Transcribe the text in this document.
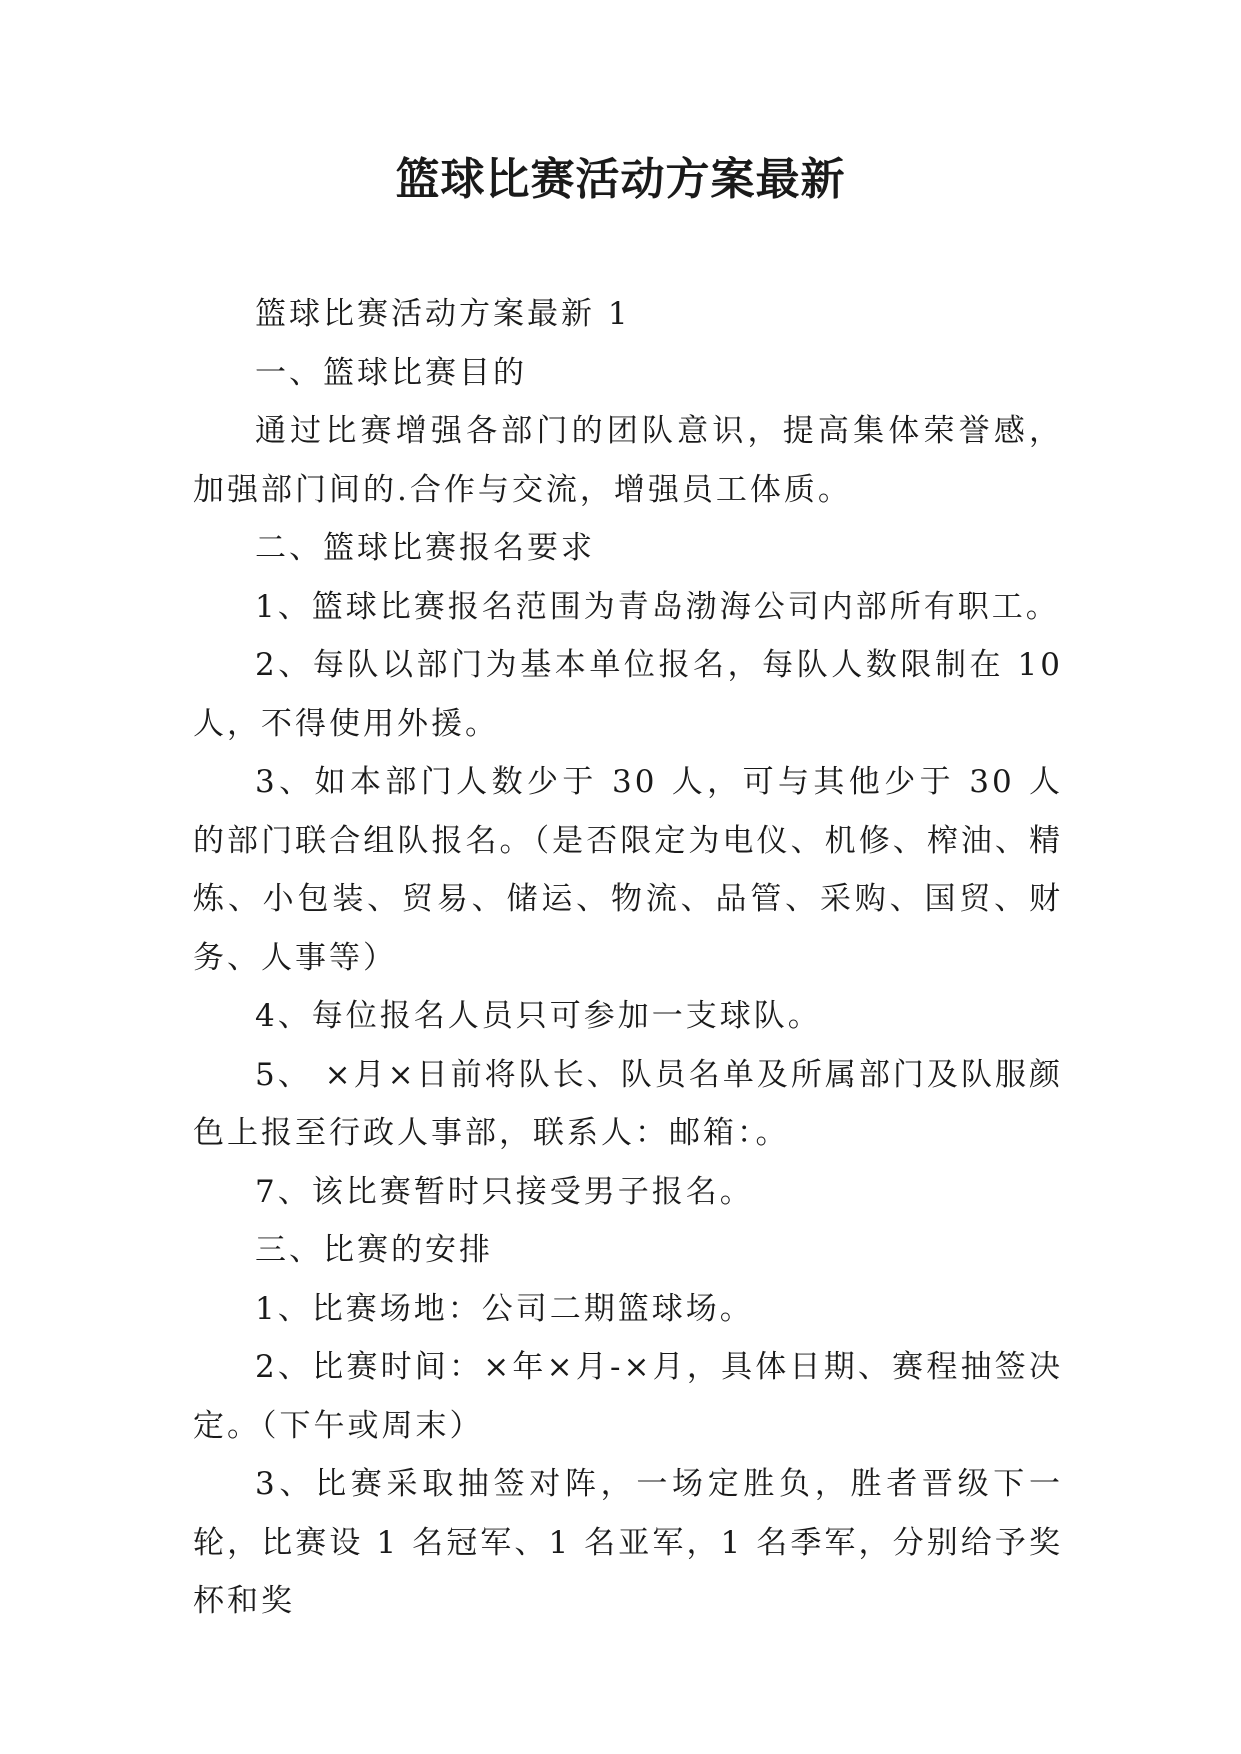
篮球比赛活动方案最新

篮球比赛活动方案最新 1

一、篮球比赛目的

通过比赛增强各部门的团队意识，提高集体荣誉感，加强部门间的.合作与交流，增强员工体质。

二、篮球比赛报名要求

1、篮球比赛报名范围为青岛渤海公司内部所有职工。

2、每队以部门为基本单位报名，每队人数限制在 10 人，不得使用外援。

3、如本部门人数少于 30 人，可与其他少于 30 人的部门联合组队报名。（是否限定为电仪、机修、榨油、精炼、小包装、贸易、储运、物流、品管、采购、国贸、财务、人事等）

4、每位报名人员只可参加一支球队。

5、 ×月×日前将队长、队员名单及所属部门及队服颜色上报至行政人事部，联系人：邮箱：。

7、该比赛暂时只接受男子报名。

三、比赛的安排

1、比赛场地：公司二期篮球场。

2、比赛时间：×年×月-×月，具体日期、赛程抽签决定。（下午或周末）

3、比赛采取抽签对阵，一场定胜负，胜者晋级下一轮，比赛设 1 名冠军、1 名亚军，1 名季军，分别给予奖杯和奖
